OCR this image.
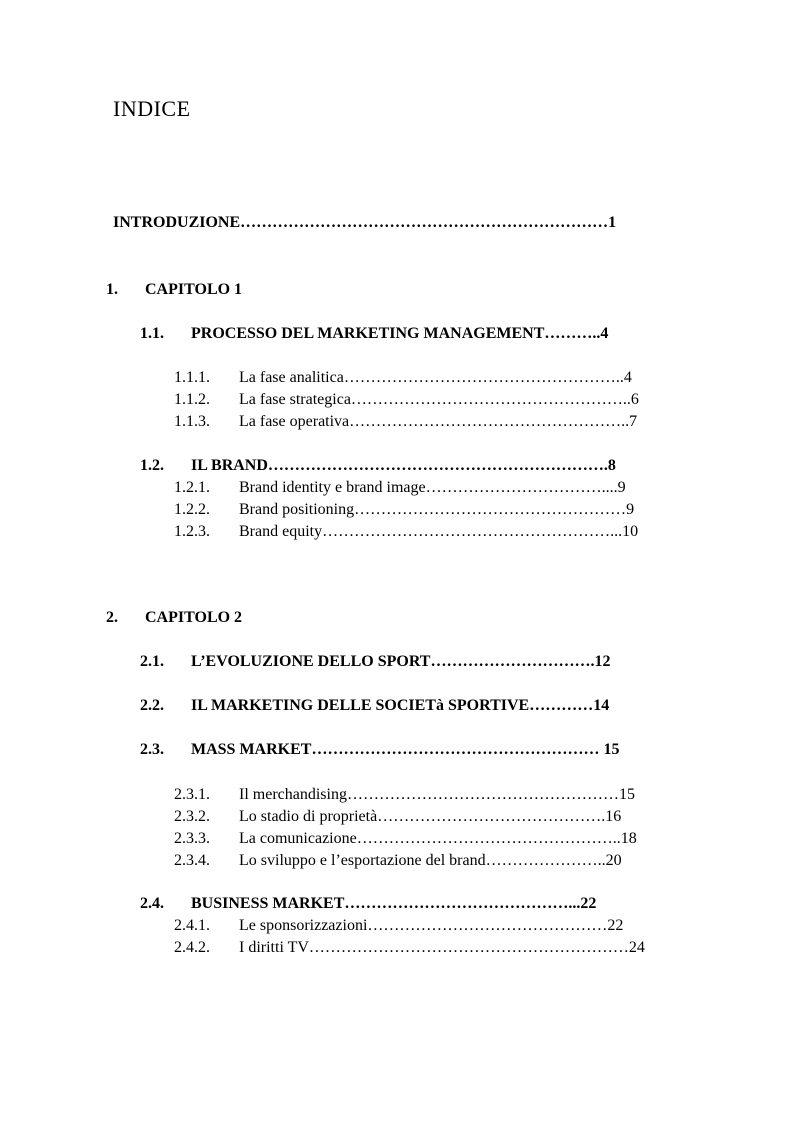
INDICE
INTRODUZIONE……………………………………………………………1
1. CAPITOLO 1
1.1. PROCESSO DEL MARKETING MANAGEMENT………..4
1.1.1. La fase analitica……………………………………………..4
1.1.2. La fase strategica……………………………………………..6
1.1.3. La fase operativa……………………………………………..7
1.2. IL BRAND……………………………………………………….8
1.2.1. Brand identity e brand image……………………………....9
1.2.2. Brand positioning……………………………………………9
1.2.3. Brand equity………………………………………………...10
2. CAPITOLO 2
2.1. L’EVOLUZIONE DELLO SPORT………………………….12
2.2. IL MARKETING DELLE SOCIETà SPORTIVE…………14
2.3. MASS MARKET……………………………………………… 15
2.3.1. Il merchandising……………………………………………15
2.3.2. Lo stadio di proprietà…………………………………….16
2.3.3. La comunicazione…………………………………………..18
2.3.4. Lo sviluppo e l’esportazione del brand…………………..20
2.4. BUSINESS MARKET……………………………………...22
2.4.1. Le sponsorizzazioni………………………………………22
2.4.2. I diritti TV……………………………………………………24
